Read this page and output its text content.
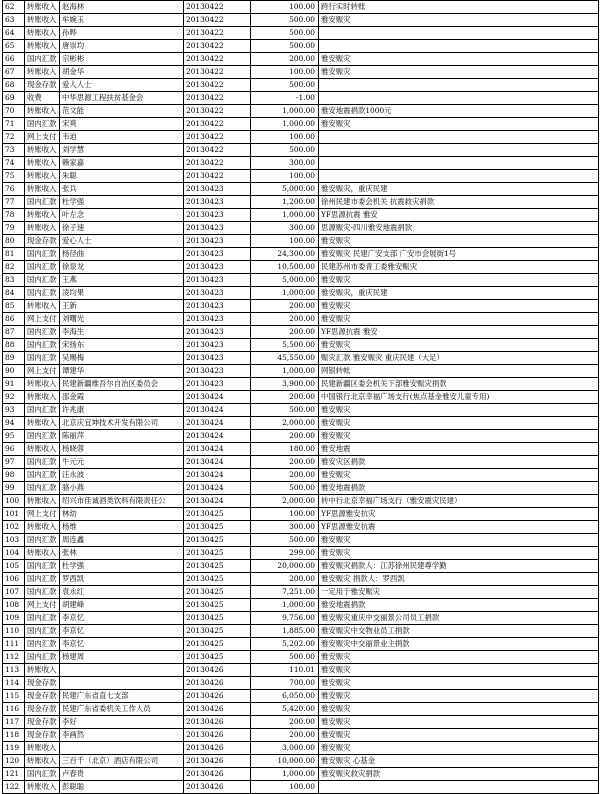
62	转账收入	赵海林	20130422	100.00	跨行实时转账
63	转账收入	牟婉玉	20130422	500.00	雅安赈灾
64	转账收入	孙晔	20130422	500.00	
65	转账收入	唐崇均	20130422	500.00	
66	国内汇款	宗彬彬	20130422	200.00	雅安赈灾
67	转账收入	胡金华	20130422	100.00	雅安赈灾
68	现金存款	爱人人士	20130422	500.00	
69	收费	中华思源工程扶贫基金会	20130422	-1.00	
70	转账收入	范文能	20130422	1,000.00	雅安地震捐款1000元
71	国内汇款	宋爽	20130422	1,000.00	雅安赈灾
72	网上支付	韦迫	20130422	100.00	
73	转账收入	刘学慧	20130422	500.00	
74	转账收入	赖家嘉	20130422	300.00	
75	转账收入	朱聪	20130422	100.00	
76	转账收入	张兵	20130423	5,000.00	雅安赈灾，重庆民建
77	国内汇款	杜学强	20130423	1,200.00	徐州民建市委会机关 抗震救灾捐款
78	转账收入	叶左念	20130423	1,000.00	YF思源抗震 雅安
79	转账收入	徐子速	20130423	300.00	思源赈灾-四川雅安地震捐款
80	现金存款	爱心人士	20130423	100.00	雅安赈灾
81	国内汇款	杨径曲	20130423	24,300.00	雅安赈灾 民建广安支部 广安市会展街1号
82	国内汇款	徐泉龙	20130423	10,500.00	民建苏州市委青工委雅安赈灾
83	国内汇款	王燕	20130423	5,000.00	雅安赈灾
84	国内汇款	凌均果	20130423	1,000.00	雅安赈灾，重庆民建
85	转账收入	王新	20130423	200.00	雅安赈灾
86	网上支付	刘曙光	20130423	200.00	雅安赈灾
87	国内汇款	李海生	20130423	200.00	YF思源抗震 雅安
88	国内汇款	宋扬东	20130423	5,500.00	雅安赈灾
89	国内汇款	吴赐梅	20130423	45,550.00	赈灾汇款 雅安赈灾 重庆民建（大足）
90	网上支付	谭建华	20130423	1,000.00	网银转帐
91	转账收入	民建新疆维吾尔自治区委员会	20130423	3,900.00	民建新疆区委会机关下部雅安赈灾捐款
92	转账收入	邵金霞	20130424	200.00	中国银行北京幸福广场支行(焦点基金雅安儿童专用)
93	国内汇款	许兆康	20130424	500.00	雅安赈灾
94	转账收入	北京庆宜坤技术开发有限公司	20130424	2,000.00	雅安赈灾
95	国内汇款	陈丽萍	20130424	200.00	雅安赈灾
96	转账收入	杨晓蓉	20130424	180.00	雅安地震
97	国内汇款	牛元元	20130424	200.00	雅安灾区捐款
98	国内汇款	汪永波	20130424	200.00	雅安赈灾
99	国内汇款	骆小燕	20130424	500.00	雅安地震捐款
100	转账收入	绍兴市佳诚酒类饮料有限责任公	20130424	2,000.00	转中行北京幸福广场支行（雅安震灾民建）
101	网上支付	林幼	20130425	100.00	YF思源雅安抗灾
102	转账收入	杨维	20130425	300.00	YF思源雅安抗震
103	国内汇款	周连鑫	20130425	500.00	雅安赈灾
104	转账收入	张林	20130425	299.00	雅安赈灾
105	国内汇款	杜学强	20130425	20,000.00	雅安赈灾捐款人：江苏徐州民建尊学勤
106	国内汇款	罗西凯	20130425	200.00	雅安赈灾 捐款人：罗西凯
107	国内汇款	袁永红	20130425	7,251.00	一定用于雅安赈灾
108	网上支付	胡建峰	20130425	1,000.00	雅安地震捐款
109	国内汇款	李京忆	20130425	9,756.00	雅安赈灾重庆中交丽景公司员工捐款
110	国内汇款	李京忆	20130425	1,885.00	雅安赈灾中交物业员工捐款
111	国内汇款	李京忆	20130425	5,202.00	雅安赈灾中交丽景业主捐款
112	国内汇款	杨建周	20130425	500.00	雅安赈灾
113	转账收入		20130426	110.01	雅安赈灾
114	现金存款		20130426	700.00	雅安赈灾
115	现金存款	民建广东省直七支部	20130426	6,050.00	雅安赈灾
116	现金存款	民建广东省委机关工作人员	20130426	5,420.00	雅安赈灾
117	现金存款	李好	20130426	200.00	雅安赈灾
118	现金存款	李画然	20130426	200.00	雅安赈灾
119	转账收入		20130426	3,000.00	雅安赈灾
120	转账收入	三百千（北京）酒店有限公司	20130426	10,000.00	雅安赈灾 心基金
121	国内汇款	卢春贵	20130426	1,000.00	雅安赈灾救灾捐款
122	转账收入	彭聪聪	20130426	100.00	
